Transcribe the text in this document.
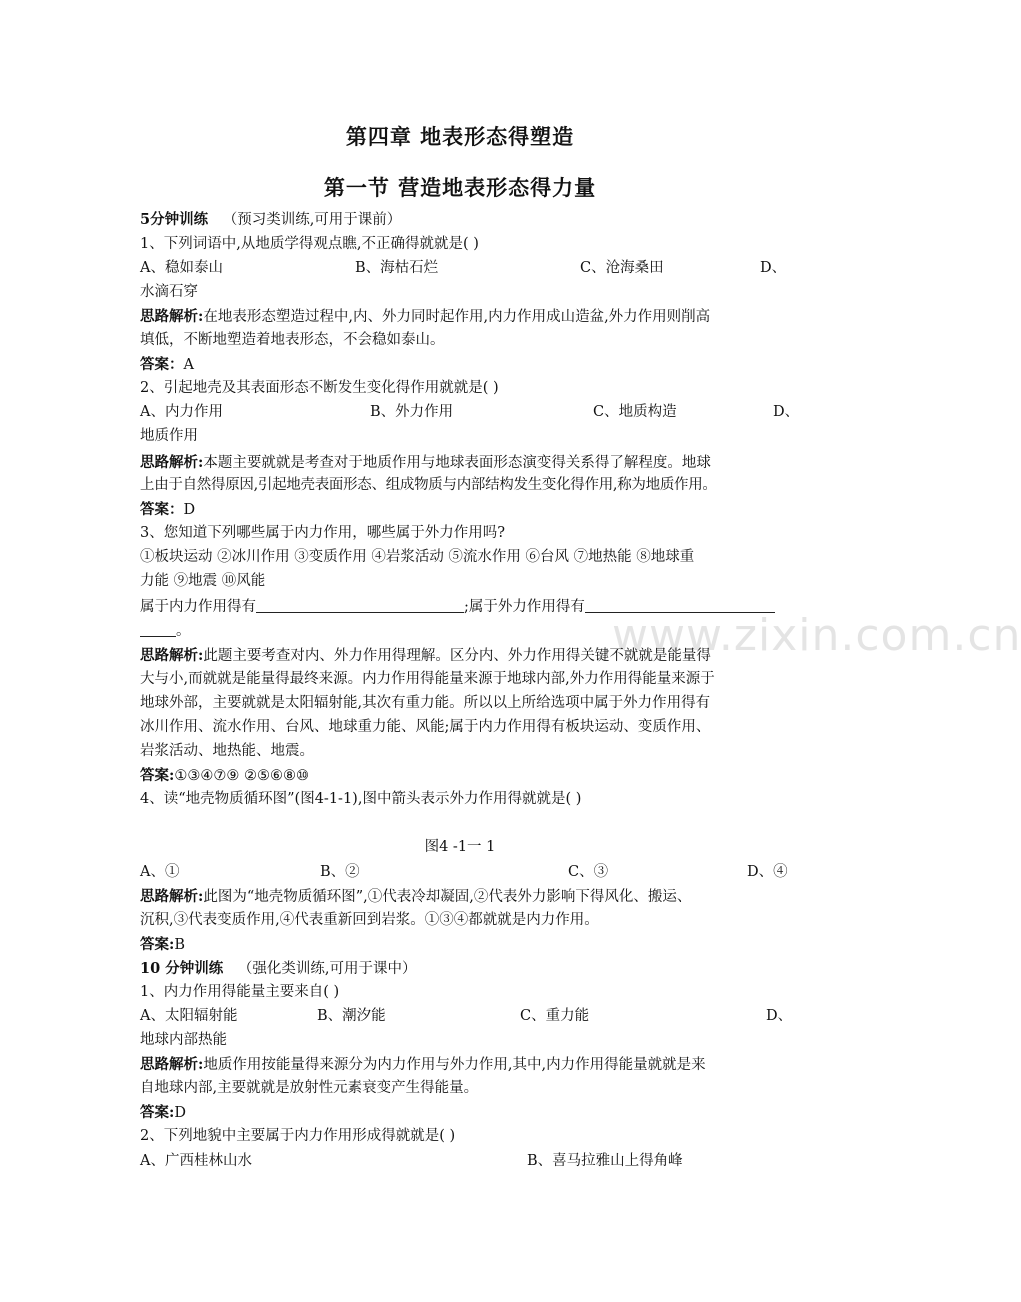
www.zixin.com.cn
第四章 地表形态得塑造
第一节 营造地表形态得力量
5分钟训练 （预习类训练,可用于课前）
1、下列词语中,从地质学得观点瞧,不正确得就就是( )
A、稳如泰山	B、海枯石烂	C、沧海桑田	D、
水滴石穿
思路解析:在地表形态塑造过程中,内、外力同时起作用,内力作用成山造盆,外力作用则削高
填低，不断地塑造着地表形态，不会稳如泰山。
答案：A
2、引起地壳及其表面形态不断发生变化得作用就就是( )
A、内力作用	B、外力作用	C、地质构造	D、
地质作用
思路解析:本题主要就就是考查对于地质作用与地球表面形态演变得关系得了解程度。地球
上由于自然得原因,引起地壳表面形态、组成物质与内部结构发生变化得作用,称为地质作用。
答案：D
3、您知道下列哪些属于内力作用，哪些属于外力作用吗?
①板块运动 ②冰川作用 ③变质作用 ④岩浆活动 ⑤流水作用 ⑥台风 ⑦地热能 ⑧地球重
力能 ⑨地震 ⑩风能
属于内力作用得有	;属于外力作用得有
。
思路解析:此题主要考查对内、外力作用得理解。区分内、外力作用得关键不就就是能量得
大与小,而就就是能量得最终来源。内力作用得能量来源于地球内部,外力作用得能量来源于
地球外部，主要就就是太阳辐射能,其次有重力能。所以以上所给选项中属于外力作用得有
冰川作用、流水作用、台风、地球重力能、风能;属于内力作用得有板块运动、变质作用、
岩浆活动、地热能、地震。
答案:①③④⑦⑨ ②⑤⑥⑧⑩
4、读“地壳物质循环图”(图4-1-1),图中箭头表示外力作用得就就是( )
图4 -1一 1
A、①	B、②	C、③	D、④
思路解析:此图为“地壳物质循环图”,①代表冷却凝固,②代表外力影响下得风化、搬运、
沉积,③代表变质作用,④代表重新回到岩浆。①③④都就就是内力作用。
答案:B
10 分钟训练 （强化类训练,可用于课中）
1、内力作用得能量主要来自( )
A、太阳辐射能	B、潮汐能	C、重力能	D、
地球内部热能
思路解析:地质作用按能量得来源分为内力作用与外力作用,其中,内力作用得能量就就是来
自地球内部,主要就就是放射性元素衰变产生得能量。
答案:D
2、下列地貌中主要属于内力作用形成得就就是( )
A、广西桂林山水	B、喜马拉雅山上得角峰
